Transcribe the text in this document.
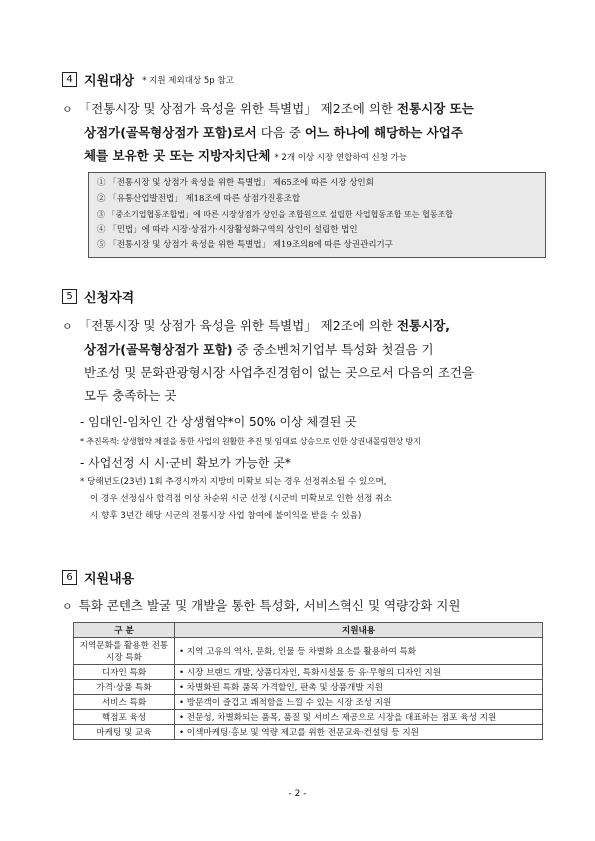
4 지원대상 * 지원 제외대상 5p 참고
ㅇ 「전통시장 및 상점가 육성을 위한 특별법」 제2조에 의한 전통시장 또는
상점가(골목형상점가 포함)로서 다음 중 어느 하나에 해당하는 사업주
체를 보유한 곳 또는 지방자치단체 * 2개 이상 시장 연합하여 신청 가능
① 「전통시장 및 상점가 육성을 위한 특별법」 제65조에 따른 시장 상인회
② 「유통산업발전법」 제18조에 따른 상점가진흥조합
③ 「중소기업협동조합법」에 따른 시장상점가 상인을 조합원으로 설립한 사업협동조합 또는 협동조합
④ 「민법」에 따라 시장·상점가·시장활성화구역의 상인이 설립한 법인
⑤ 「전통시장 및 상점가 육성을 위한 특별법」 제19조의8에 따른 상권관리기구
5 신청자격
ㅇ 「전통시장 및 상점가 육성을 위한 특별법」 제2조에 의한 전통시장,
상점가(골목형상점가 포함) 중 중소벤처기업부 특성화 첫걸음 기
반조성 및 문화관광형시장 사업추진경험이 없는 곳으로서 다음의 조건을
모두 충족하는 곳
- 임대인-임차인 간 상생협약*이 50% 이상 체결된 곳
* 추진목적: 상생협약 체결을 통한 사업의 원활한 추진 및 임대료 상승으로 인한 상권내몰림현상 방지
- 사업선정 시 시·군비 확보가 가능한 곳*
* 당해년도(23년) 1회 추경시까지 지방비 미확보 되는 경우 선정취소될 수 있으며,
이 경우 선정심사 합격점 이상 차순위 시군 선정 (시군비 미확보로 인한 선정 취소
시 향후 3년간 해당 시군의 전통시장 사업 참여에 불이익을 받을 수 있음)
6 지원내용
ㅇ 특화 콘텐츠 발굴 및 개발을 통한 특성화, 서비스혁신 및 역량강화 지원
구 분	지원내용
지역문화를 활용한 전통시장 특화	• 지역 고유의 역사, 문화, 인물 등 차별화 요소를 활용하여 특화
디자인 특화	• 시장 브랜드 개발, 상품디자인, 특화시설물 등 유·무형의 디자인 지원
가격·상품 특화	• 차별화된 특화 품목 가격할인, 판촉 및 상품개발 지원
서비스 특화	• 방문객이 즐겁고 쾌적함을 느낄 수 있는 시장 조성 지원
핵점포 육성	• 전문성, 차별화되는 품목, 품질 및 서비스 제공으로 시장을 대표하는 점포 육성 지원
마케팅 및 교육	• 이색마케팅·홍보 및 역량 제고를 위한 전문교육·컨설팅 등 지원
- 2 -
